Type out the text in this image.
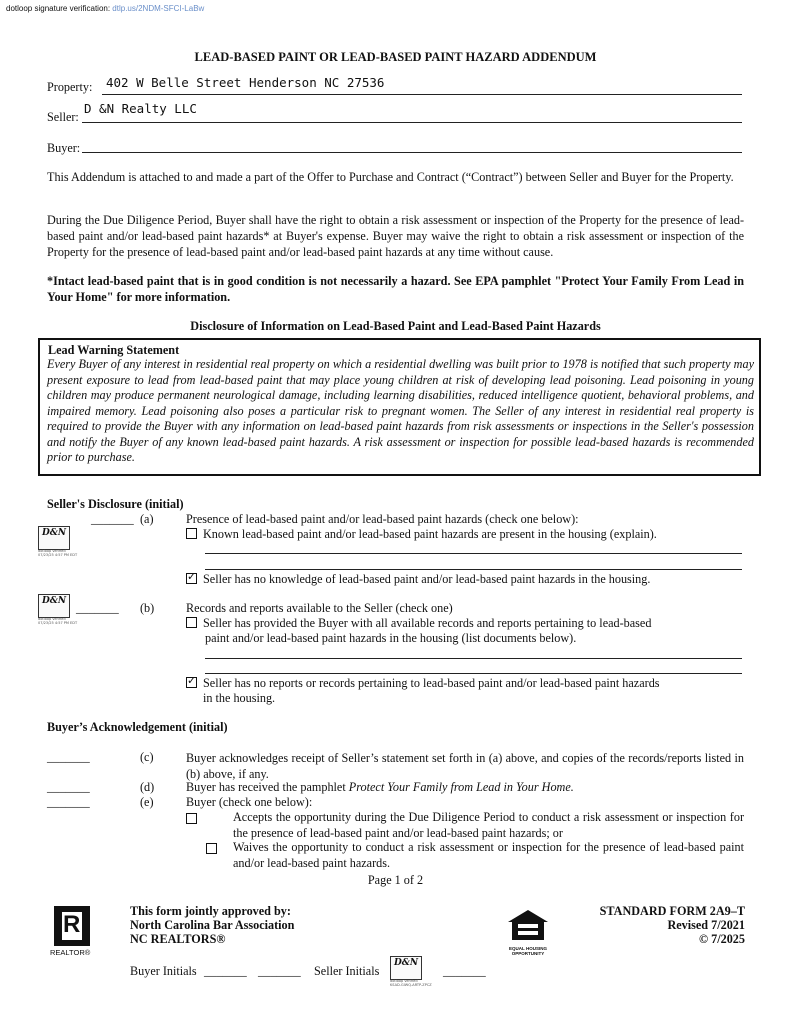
dotloop signature verification: dtlp.us/2NDM-SFCI-LaBw
LEAD-BASED PAINT OR LEAD-BASED PAINT HAZARD ADDENDUM
Property: 402 W Belle Street Henderson NC 27536
Seller:
D &N Realty LLC
Buyer:
This Addendum is attached to and made a part of the Offer to Purchase and Contract (“Contract”) between Seller and Buyer for the Property.
During the Due Diligence Period, Buyer shall have the right to obtain a risk assessment or inspection of the Property for the presence of lead-based paint and/or lead-based paint hazards* at Buyer's expense. Buyer may waive the right to obtain a risk assessment or inspection of the Property for the presence of lead-based paint and/or lead-based paint hazards at any time without cause.
*Intact lead-based paint that is in good condition is not necessarily a hazard. See EPA pamphlet "Protect Your Family From Lead in Your Home" for more information.
Disclosure of Information on Lead-Based Paint and Lead-Based Paint Hazards
Lead Warning Statement
Every Buyer of any interest in residential real property on which a residential dwelling was built prior to 1978 is notified that such property may present exposure to lead from lead-based paint that may place young children at risk of developing lead poisoning. Lead poisoning in young children may produce permanent neurological damage, including learning disabilities, reduced intelligence quotient, behavioral problems, and impaired memory. Lead poisoning also poses a particular risk to pregnant women. The Seller of any interest in residential real property is required to provide the Buyer with any information on lead-based paint hazards from risk assessments or inspections in the Seller's possession and notify the Buyer of any known lead-based paint hazards. A risk assessment or inspection for possible lead-based hazards is recommended prior to purchase.
Seller's Disclosure (initial)
_______
D&N
dotloop verified
07/23/25 4:57 PM EDT
(a)	Presence of lead-based paint and/or lead-based paint hazards (check one below):
Known lead-based paint and/or lead-based paint hazards are present in the housing (explain).
✓Seller has no knowledge of lead-based paint and/or lead-based paint hazards in the housing.
D&N
dotloop verified
07/23/25 4:57 PM EDT
_______ (b)	Records and reports available to the Seller (check one)
Seller has provided the Buyer with all available records and reports pertaining to lead-based
paint and/or lead-based paint hazards in the housing (list documents below).
✓Seller has no reports or records pertaining to lead-based paint and/or lead-based paint hazards
in the housing.
Buyer’s Acknowledgement (initial)
_______	(c)	Buyer acknowledges receipt of Seller’s statement set forth in (a) above, and copies of the records/reports listed in (b) above, if any.
_______	(d)	Buyer has received the pamphlet Protect Your Family from Lead in Your Home.
_______	(e)	Buyer (check one below):

Accepts the opportunity during the Due Diligence Period to conduct a risk assessment or inspection for the presence of lead-based paint and/or lead-based paint hazards; or
Waives the opportunity to conduct a risk assessment or inspection for the presence of lead-based paint and/or lead-based paint hazards.
Page 1 of 2
R
REALTOR®
This form jointly approved by:
North Carolina Bar Association
NC REALTORS®
EQUAL HOUSING
OPPORTUNITY
STANDARD FORM 2A9–T
Revised 7/2021
© 7/2025
Buyer Initials _______ _______ Seller Initials
D&N
dotloop verified
KSAD-GIWQ-ARTP-ZPCZ
_______
